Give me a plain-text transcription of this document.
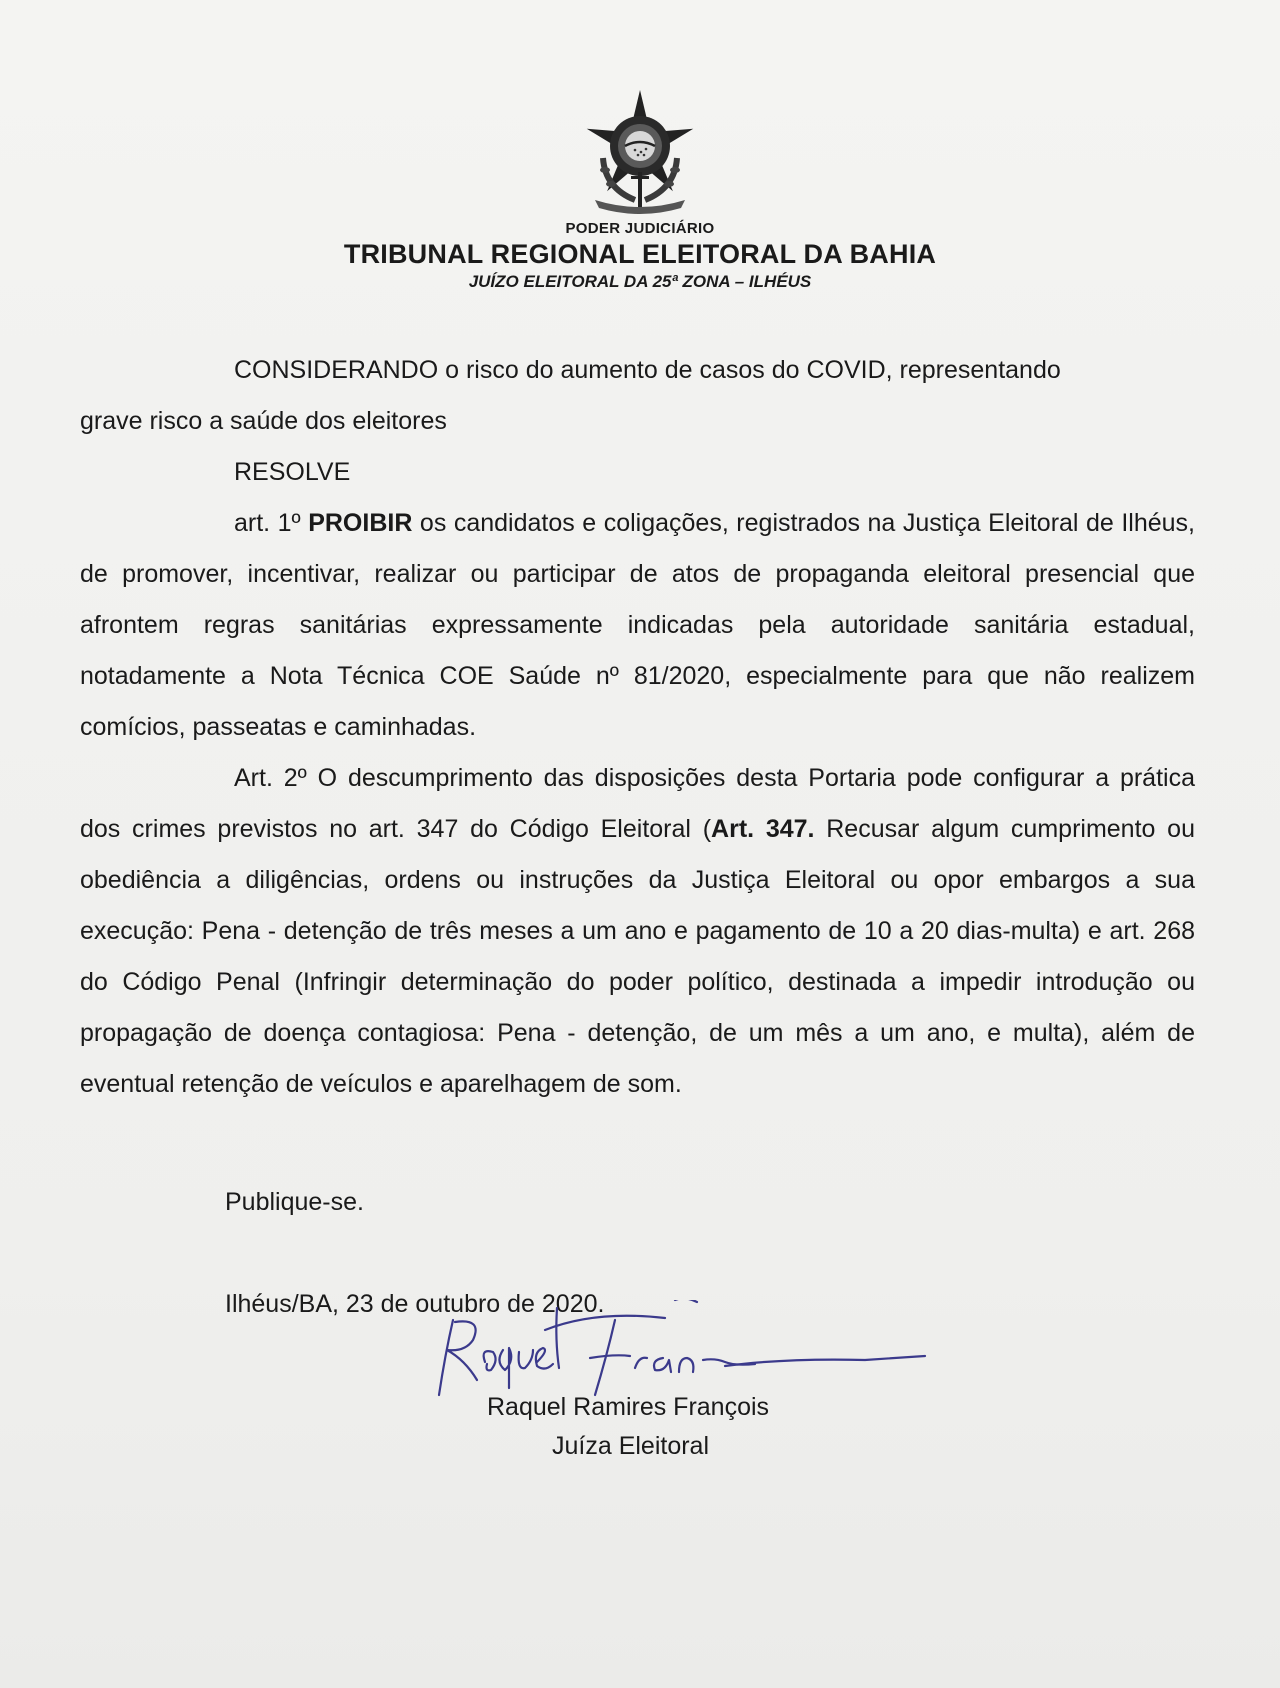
PODER JUDICIÁRIO
TRIBUNAL REGIONAL ELEITORAL DA BAHIA
JUÍZO ELEITORAL DA 25ª ZONA – ILHÉUS

CONSIDERANDO o risco do aumento de casos do COVID, representando

grave risco a saúde dos eleitores

RESOLVE

art. 1º PROIBIR os candidatos e coligações, registrados na Justiça Eleitoral de Ilhéus, de promover, incentivar, realizar ou participar de atos de propaganda eleitoral presencial que afrontem regras sanitárias expressamente indicadas pela autoridade sanitária estadual, notadamente a Nota Técnica COE Saúde nº 81/2020, especialmente para que não realizem comícios, passeatas e caminhadas.

Art. 2º O descumprimento das disposições desta Portaria pode configurar a prática dos crimes previstos no art. 347 do Código Eleitoral (Art. 347. Recusar algum cumprimento ou obediência a diligências, ordens ou instruções da Justiça Eleitoral ou opor embargos a sua execução: Pena - detenção de três meses a um ano e pagamento de 10 a 20 dias-multa) e art. 268 do Código Penal (Infringir determinação do poder político, destinada a impedir introdução ou propagação de doença contagiosa: Pena - detenção, de um mês a um ano, e multa), além de eventual retenção de veículos e aparelhagem de som.

Publique-se.
Ilhéus/BA, 23 de outubro de 2020.
Raquel Ramires François
Juíza Eleitoral
